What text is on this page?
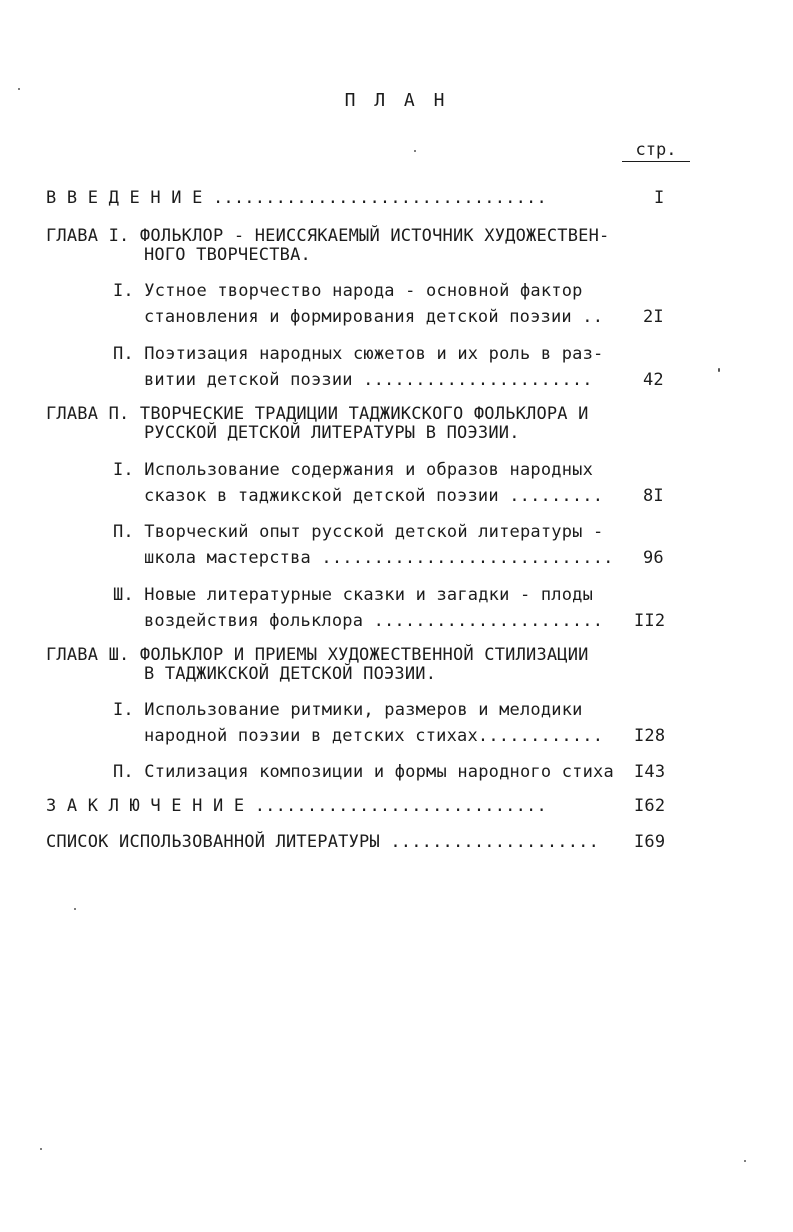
П Л А Н
стр.
В В Е Д Е Н И Е ................................	I
ГЛАВА I. ФОЛЬКЛОР - НЕИССЯКАЕМЫЙ ИСТОЧНИК ХУДОЖЕСТВЕН-
НОГО ТВОРЧЕСТВА.
I. Устное творчество народа - основной фактор
становления и формирования детской поэзии .. 2I
П. Поэтизация народных сюжетов и их роль в раз-
витии детской поэзии ......................	42
ГЛАВА П. ТВОРЧЕСКИЕ ТРАДИЦИИ ТАДЖИКСКОГО ФОЛЬКЛОРА И
РУССКОЙ ДЕТСКОЙ ЛИТЕРАТУРЫ В ПОЭЗИИ.
I. Использование содержания и образов народных
сказок в таджикской детской поэзии ......... 8I
П. Творческий опыт русской детской литературы -
школа мастерства ............................ 96
Ш. Новые литературные сказки и загадки - плоды
воздействия фольклора ...................... II2
ГЛАВА Ш. ФОЛЬКЛОР И ПРИЕМЫ ХУДОЖЕСТВЕННОЙ СТИЛИЗАЦИИ
В ТАДЖИКСКОЙ ДЕТСКОЙ ПОЭЗИИ.
I. Использование ритмики, размеров и мелодики
народной поэзии в детских стихах............ I28
П. Стилизация композиции и формы народного стиха I43
З А К Л Ю Ч Е Н И Е ............................	I62
СПИСОК ИСПОЛЬЗОВАННОЙ ЛИТЕРАТУРЫ .................... I69
